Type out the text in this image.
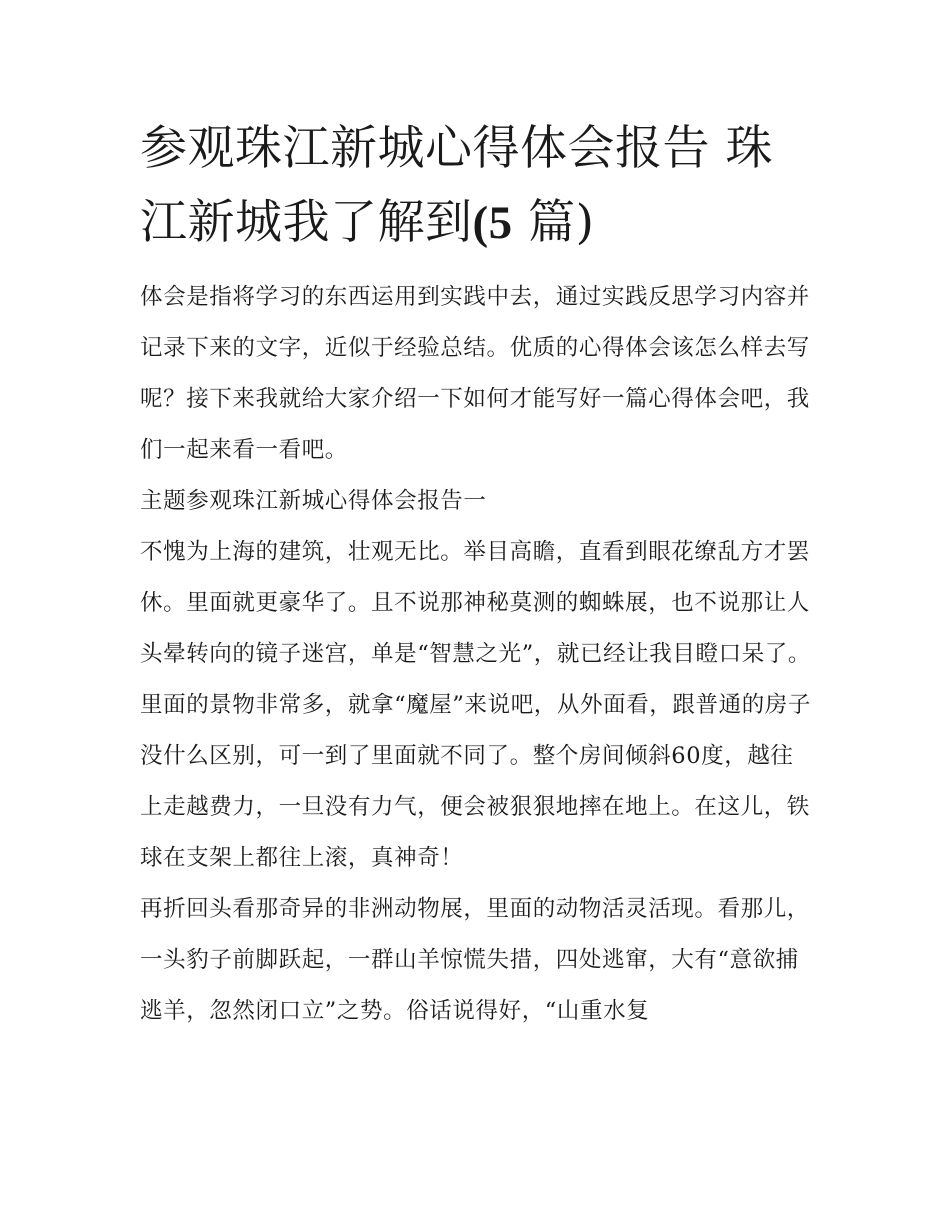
参观珠江新城心得体会报告 珠江新城我了解到(5 篇)

体会是指将学习的东西运用到实践中去，通过实践反思学习内容并记录下来的文字，近似于经验总结。优质的心得体会该怎么样去写呢？接下来我就给大家介绍一下如何才能写好一篇心得体会吧，我们一起来看一看吧。

主题参观珠江新城心得体会报告一

不愧为上海的建筑，壮观无比。举目高瞻，直看到眼花缭乱方才罢休。里面就更豪华了。且不说那神秘莫测的蜘蛛展，也不说那让人头晕转向的镜子迷宫，单是“智慧之光”，就已经让我目瞪口呆了。

里面的景物非常多，就拿“魔屋”来说吧，从外面看，跟普通的房子没什么区别，可一到了里面就不同了。整个房间倾斜60度，越往上走越费力，一旦没有力气，便会被狠狠地摔在地上。在这儿，铁球在支架上都往上滚，真神奇！

再折回头看那奇异的非洲动物展，里面的动物活灵活现。看那儿，一头豹子前脚跃起，一群山羊惊慌失措，四处逃窜，大有“意欲捕逃羊，忽然闭口立”之势。俗话说得好，“山重水复
